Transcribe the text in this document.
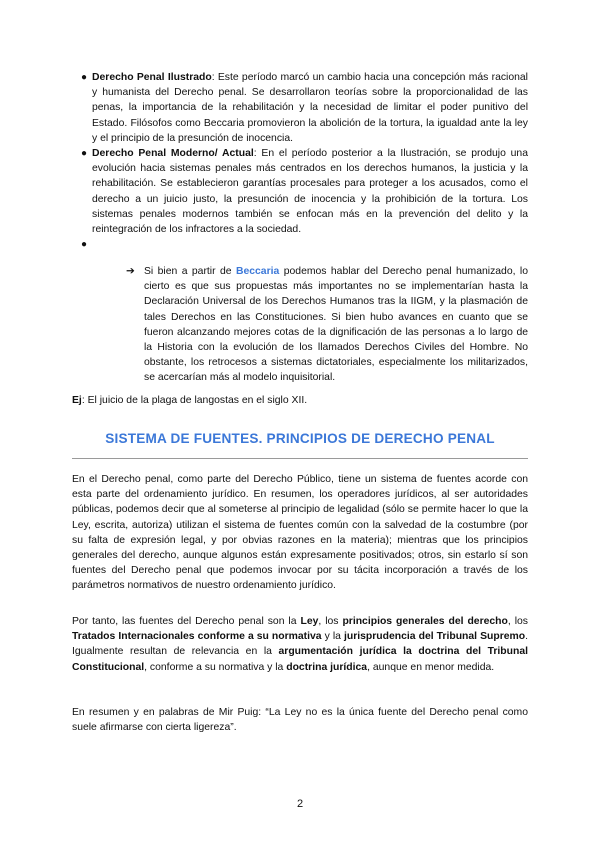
● Derecho Penal Ilustrado: Este período marcó un cambio hacia una concepción más racional y humanista del Derecho penal. Se desarrollaron teorías sobre la proporcionalidad de las penas, la importancia de la rehabilitación y la necesidad de limitar el poder punitivo del Estado. Filósofos como Beccaria promovieron la abolición de la tortura, la igualdad ante la ley y el principio de la presunción de inocencia.
● Derecho Penal Moderno/ Actual: En el período posterior a la Ilustración, se produjo una evolución hacia sistemas penales más centrados en los derechos humanos, la justicia y la rehabilitación. Se establecieron garantías procesales para proteger a los acusados, como el derecho a un juicio justo, la presunción de inocencia y la prohibición de la tortura. Los sistemas penales modernos también se enfocan más en la prevención del delito y la reintegración de los infractores a la sociedad.
●
➔ Si bien a partir de Beccaria podemos hablar del Derecho penal humanizado, lo cierto es que sus propuestas más importantes no se implementarían hasta la Declaración Universal de los Derechos Humanos tras la IIGM, y la plasmación de tales Derechos en las Constituciones. Si bien hubo avances en cuanto que se fueron alcanzando mejores cotas de la dignificación de las personas a lo largo de la Historia con la evolución de los llamados Derechos Civiles del Hombre. No obstante, los retrocesos a sistemas dictatoriales, especialmente los militarizados, se acercarían más al modelo inquisitorial.
Ej: El juicio de la plaga de langostas en el siglo XII.
SISTEMA DE FUENTES. PRINCIPIOS DE DERECHO PENAL
En el Derecho penal, como parte del Derecho Público, tiene un sistema de fuentes acorde con esta parte del ordenamiento jurídico. En resumen, los operadores jurídicos, al ser autoridades públicas, podemos decir que al someterse al principio de legalidad (sólo se permite hacer lo que la Ley, escrita, autoriza) utilizan el sistema de fuentes común con la salvedad de la costumbre (por su falta de expresión legal, y por obvias razones en la materia); mientras que los principios generales del derecho, aunque algunos están expresamente positivados; otros, sin estarlo sí son fuentes del Derecho penal que podemos invocar por su tácita incorporación a través de los parámetros normativos de nuestro ordenamiento jurídico.
Por tanto, las fuentes del Derecho penal son la Ley, los principios generales del derecho, los Tratados Internacionales conforme a su normativa y la jurisprudencia del Tribunal Supremo. Igualmente resultan de relevancia en la argumentación jurídica la doctrina del Tribunal Constitucional, conforme a su normativa y la doctrina jurídica, aunque en menor medida.
En resumen y en palabras de Mir Puig: “La Ley no es la única fuente del Derecho penal como suele afirmarse con cierta ligereza”.
2
